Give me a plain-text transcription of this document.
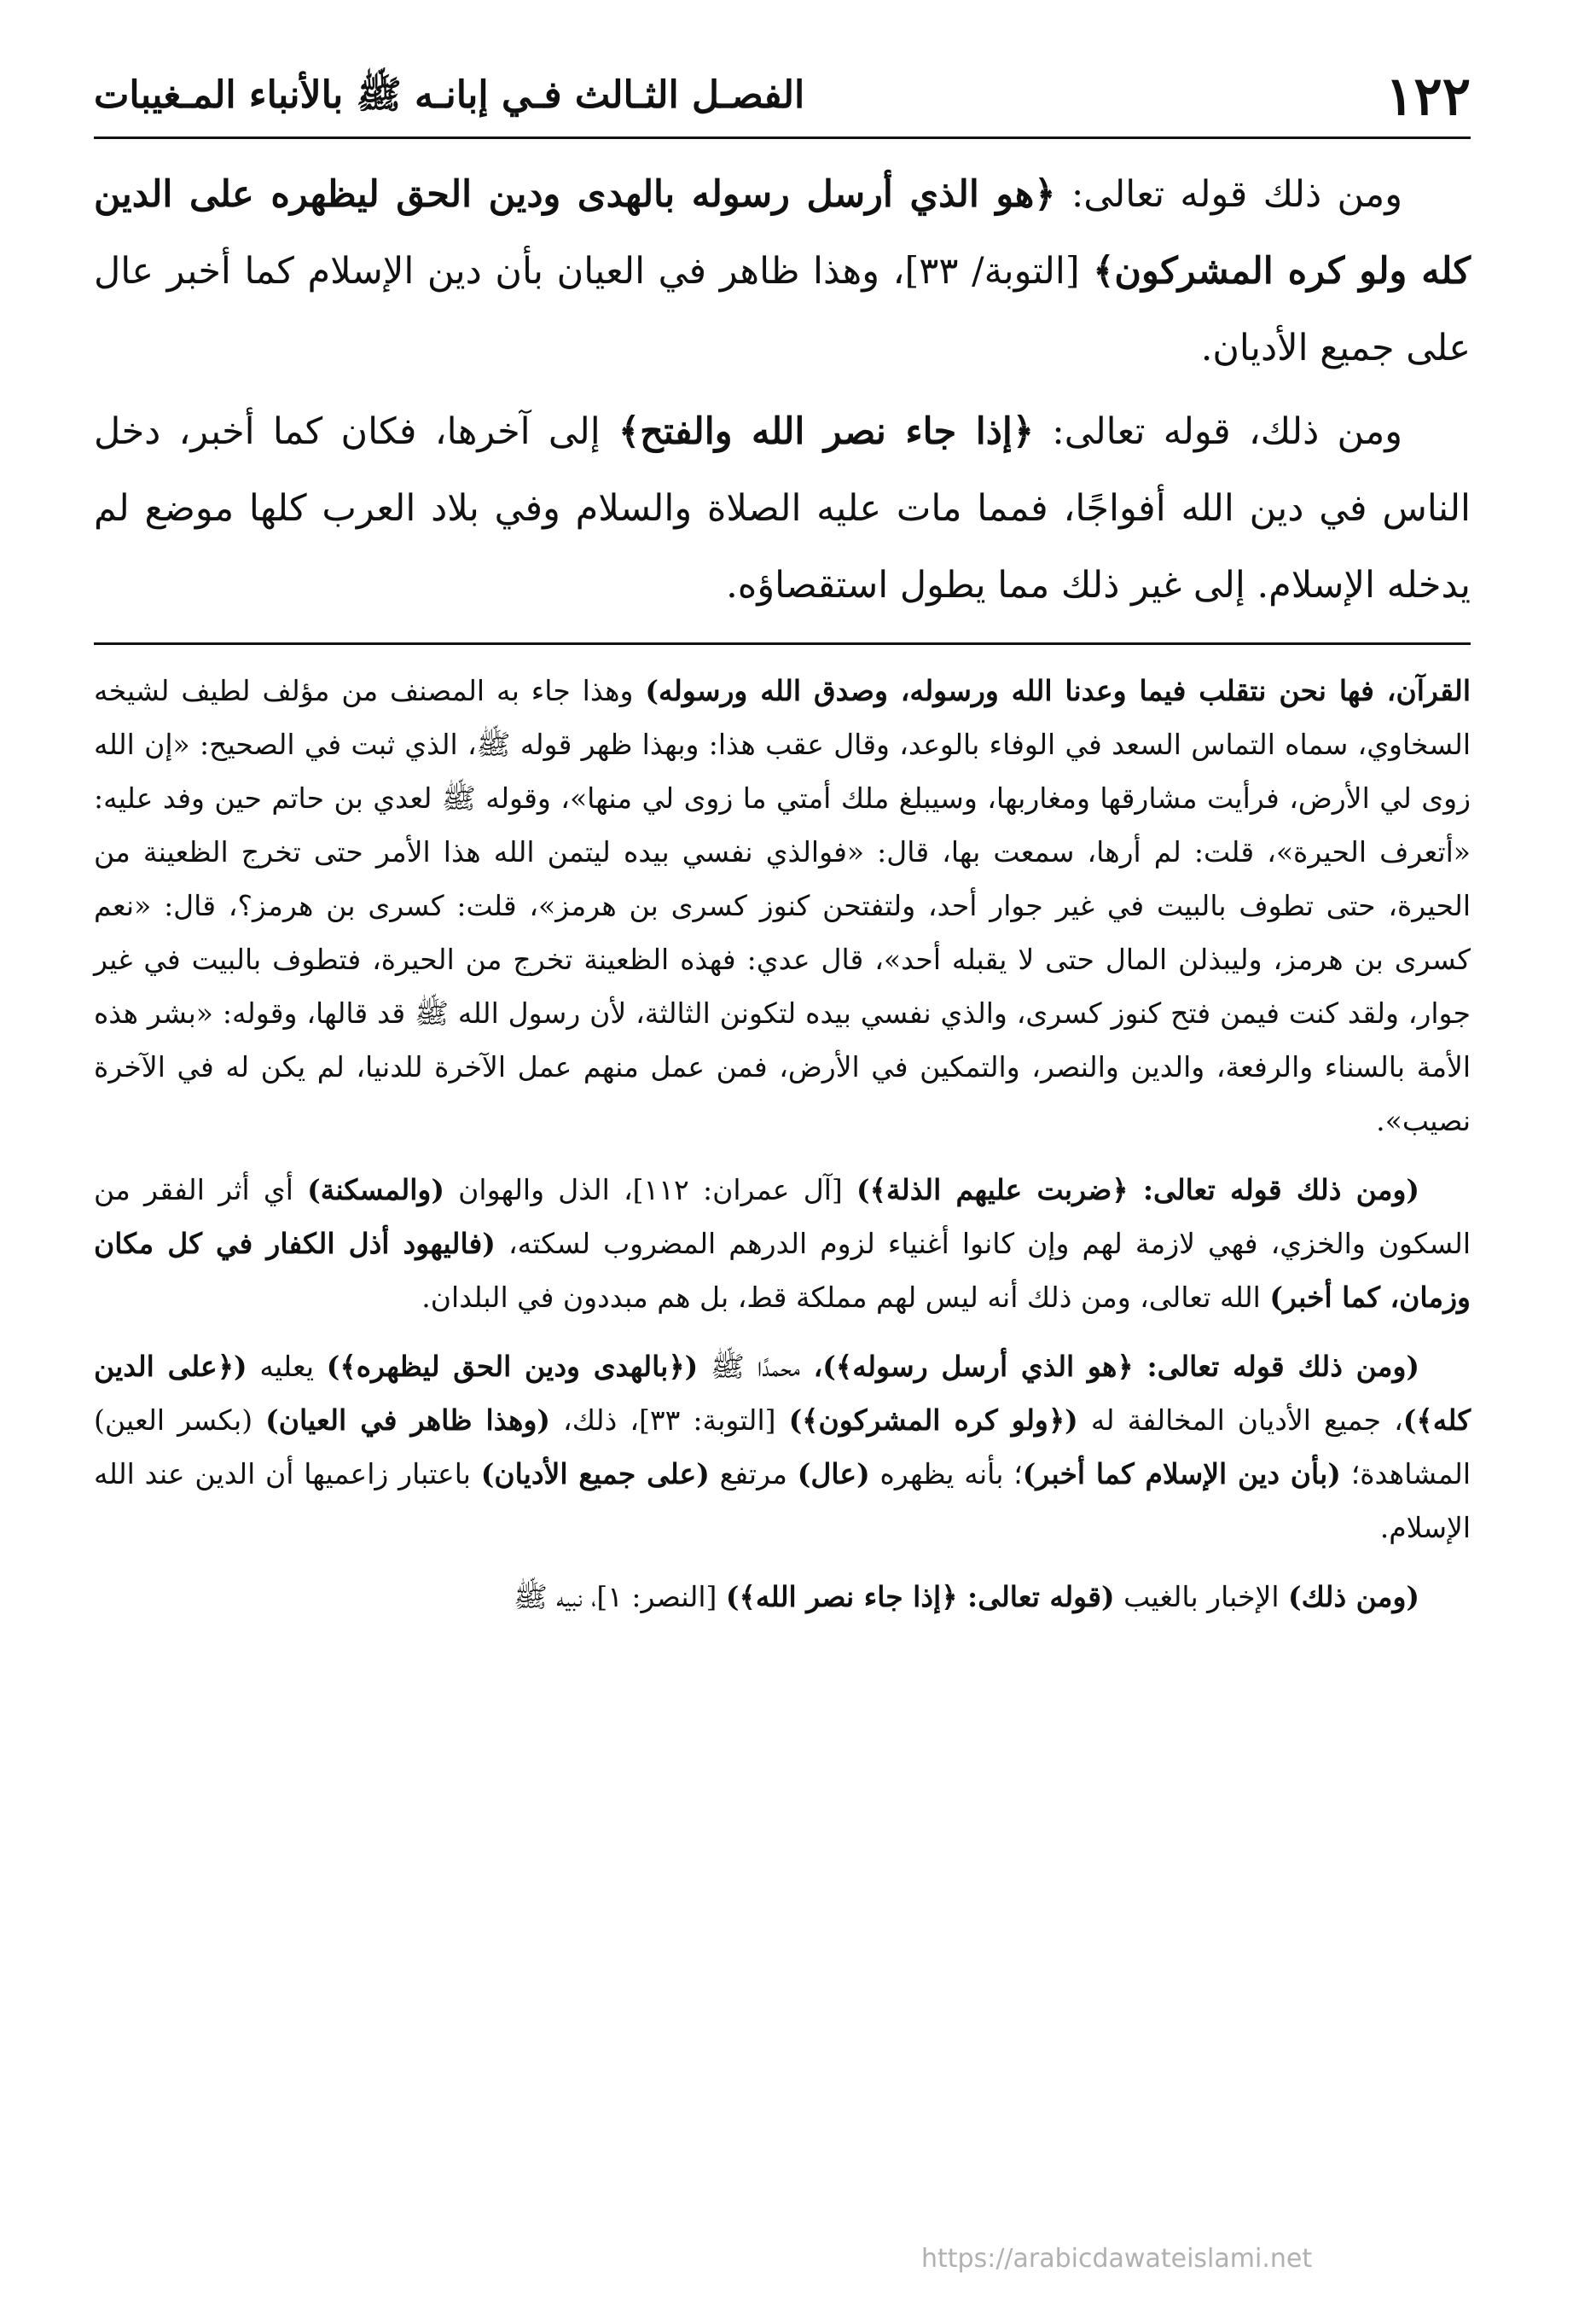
١٢٢
الفصـل الثـالث فـي إبانـه ﷺ بالأنباء المـغيبات

ومن ذلك قوله تعالى: ﴿هو الذي أرسل رسوله بالهدى ودين الحق ليظهره على الدين كله ولو كره المشركون﴾ [التوبة/ ٣٣]، وهذا ظاهر في العيان بأن دين الإسلام كما أخبر عال على جميع الأديان.

ومن ذلك، قوله تعالى: ﴿إذا جاء نصر الله والفتح﴾ إلى آخرها، فكان كما أخبر، دخل الناس في دين الله أفواجًا، فمما مات عليه الصلاة والسلام وفي بلاد العرب كلها موضع لم يدخله الإسلام. إلى غير ذلك مما يطول استقصاؤه.

القرآن، فها نحن نتقلب فيما وعدنا الله ورسوله، وصدق الله ورسوله) وهذا جاء به المصنف من مؤلف لطيف لشيخه السخاوي، سماه التماس السعد في الوفاء بالوعد، وقال عقب هذا: وبهذا ظهر قوله ﷺ، الذي ثبت في الصحيح: «إن الله زوى لي الأرض، فرأيت مشارقها ومغاربها، وسيبلغ ملك أمتي ما زوى لي منها»، وقوله ﷺ لعدي بن حاتم حين وفد عليه: «أتعرف الحيرة»، قلت: لم أرها، سمعت بها، قال: «فوالذي نفسي بيده ليتمن الله هذا الأمر حتى تخرج الظعينة من الحيرة، حتى تطوف بالبيت في غير جوار أحد، ولتفتحن كنوز كسرى بن هرمز»، قلت: كسرى بن هرمز؟، قال: «نعم كسرى بن هرمز، وليبذلن المال حتى لا يقبله أحد»، قال عدي: فهذه الظعينة تخرج من الحيرة، فتطوف بالبيت في غير جوار، ولقد كنت فيمن فتح كنوز كسرى، والذي نفسي بيده لتكونن الثالثة، لأن رسول الله ﷺ قد قالها، وقوله: «بشر هذه الأمة بالسناء والرفعة، والدين والنصر، والتمكين في الأرض، فمن عمل منهم عمل الآخرة للدنيا، لم يكن له في الآخرة نصيب».

(ومن ذلك قوله تعالى: ﴿ضربت عليهم الذلة﴾) [آل عمران: ١١٢]، الذل والهوان (والمسكنة) أي أثر الفقر من السكون والخزي، فهي لازمة لهم وإن كانوا أغنياء لزوم الدرهم المضروب لسكته، (فاليهود أذل الكفار في كل مكان وزمان، كما أخبر) الله تعالى، ومن ذلك أنه ليس لهم مملكة قط، بل هم مبددون في البلدان.

(ومن ذلك قوله تعالى: ﴿هو الذي أرسل رسوله﴾)، محمدًا ﷺ (﴿بالهدى ودين الحق ليظهره﴾) يعليه (﴿على الدين كله﴾)، جميع الأديان المخالفة له (﴿ولو كره المشركون﴾) [التوبة: ٣٣]، ذلك، (وهذا ظاهر في العيان) (بكسر العين) المشاهدة؛ (بأن دين الإسلام كما أخبر)؛ بأنه يظهره (عال) مرتفع (على جميع الأديان) باعتبار زاعميها أن الدين عند الله الإسلام.

(ومن ذلك) الإخبار بالغيب (قوله تعالى: ﴿إذا جاء نصر الله﴾) [النصر: ١]، نبيه ﷺ

https://arabicdawateislami.net
